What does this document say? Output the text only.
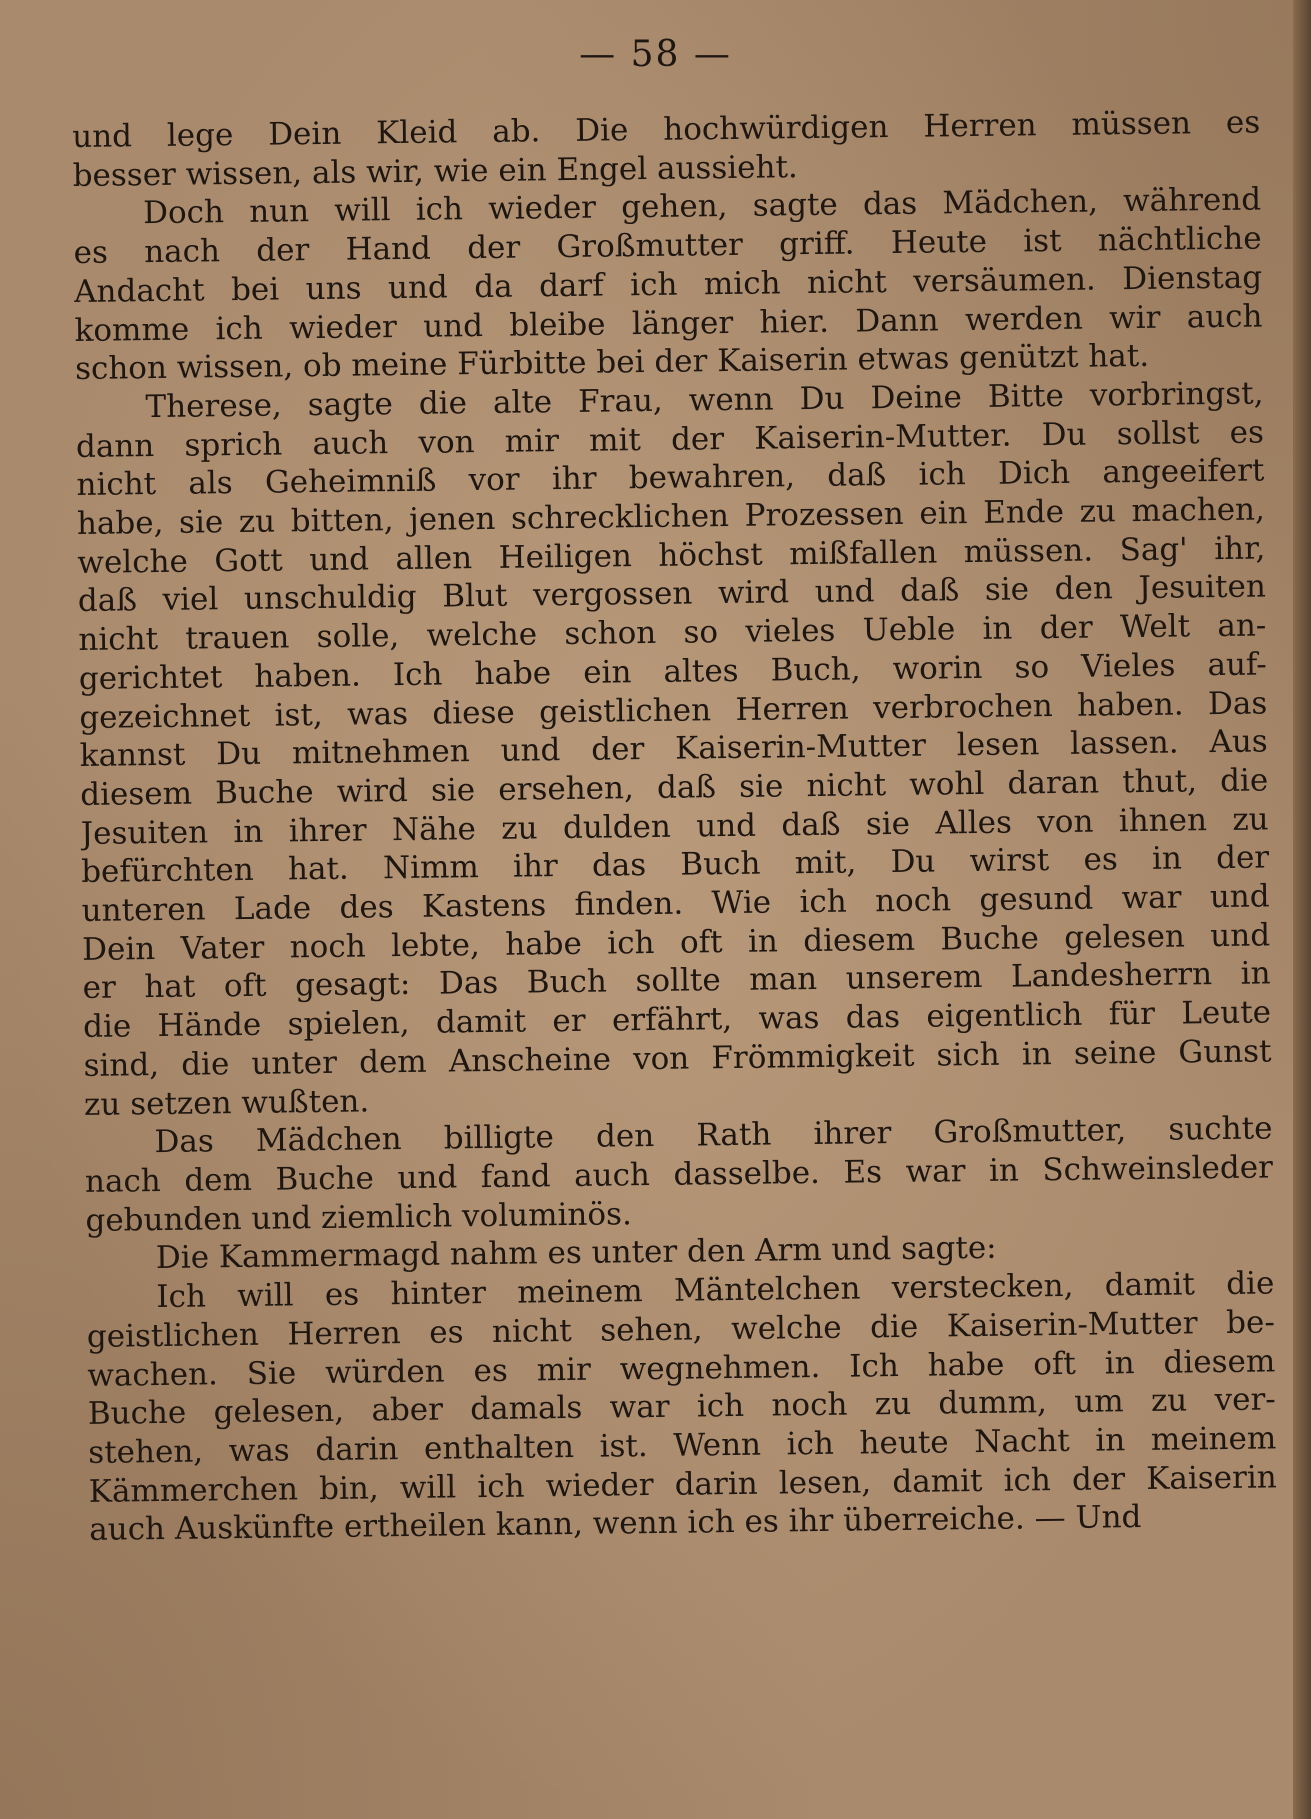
— 58 —

und lege Dein Kleid ab. Die hochwürdigen Herren müssen es
besser wissen, als wir, wie ein Engel aussieht.

Doch nun will ich wieder gehen, sagte das Mädchen, während
es nach der Hand der Großmutter griff. Heute ist nächtliche
Andacht bei uns und da darf ich mich nicht versäumen. Dienstag
komme ich wieder und bleibe länger hier. Dann werden wir auch
schon wissen, ob meine Fürbitte bei der Kaiserin etwas genützt hat.

Therese, sagte die alte Frau, wenn Du Deine Bitte vorbringst,
dann sprich auch von mir mit der Kaiserin-Mutter. Du sollst es
nicht als Geheimniß vor ihr bewahren, daß ich Dich angeeifert
habe, sie zu bitten, jenen schrecklichen Prozessen ein Ende zu machen,
welche Gott und allen Heiligen höchst mißfallen müssen. Sag' ihr,
daß viel unschuldig Blut vergossen wird und daß sie den Jesuiten
nicht trauen solle, welche schon so vieles Ueble in der Welt an-
gerichtet haben. Ich habe ein altes Buch, worin so Vieles auf-
gezeichnet ist, was diese geistlichen Herren verbrochen haben. Das
kannst Du mitnehmen und der Kaiserin-Mutter lesen lassen. Aus
diesem Buche wird sie ersehen, daß sie nicht wohl daran thut, die
Jesuiten in ihrer Nähe zu dulden und daß sie Alles von ihnen zu
befürchten hat. Nimm ihr das Buch mit, Du wirst es in der
unteren Lade des Kastens finden. Wie ich noch gesund war und
Dein Vater noch lebte, habe ich oft in diesem Buche gelesen und
er hat oft gesagt: Das Buch sollte man unserem Landesherrn in
die Hände spielen, damit er erfährt, was das eigentlich für Leute
sind, die unter dem Anscheine von Frömmigkeit sich in seine Gunst
zu setzen wußten.

Das Mädchen billigte den Rath ihrer Großmutter, suchte
nach dem Buche und fand auch dasselbe. Es war in Schweinsleder
gebunden und ziemlich voluminös.

Die Kammermagd nahm es unter den Arm und sagte:

Ich will es hinter meinem Mäntelchen verstecken, damit die
geistlichen Herren es nicht sehen, welche die Kaiserin-Mutter be-
wachen. Sie würden es mir wegnehmen. Ich habe oft in diesem
Buche gelesen, aber damals war ich noch zu dumm, um zu ver-
stehen, was darin enthalten ist. Wenn ich heute Nacht in meinem
Kämmerchen bin, will ich wieder darin lesen, damit ich der Kaiserin
auch Auskünfte ertheilen kann, wenn ich es ihr überreiche. — Und
